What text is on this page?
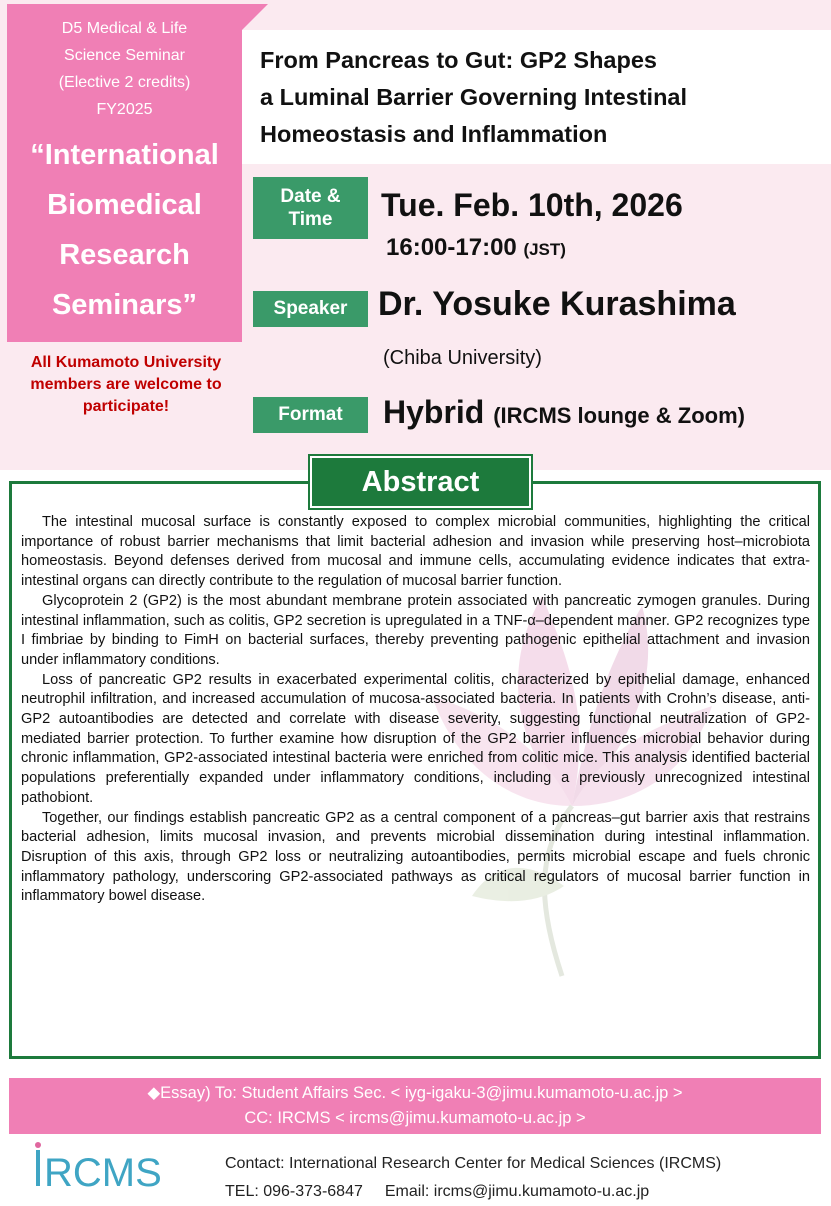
D5 Medical & Life
Science Seminar
(Elective 2 credits)
FY2025
“International
Biomedical
Research
Seminars”
From Pancreas to Gut: GP2 Shapes
a Luminal Barrier Governing Intestinal
Homeostasis and Inflammation
All Kumamoto University
members are welcome to
participate!
Date &
Time	Tue. Feb. 10th, 2026
16:00-17:00 (JST)
Speaker Dr. Yosuke Kurashima
(Chiba University)
Format	Hybrid (IRCMS lounge & Zoom)
Abstract

The intestinal mucosal surface is constantly exposed to complex microbial communities, highlighting the critical importance of robust barrier mechanisms that limit bacterial adhesion and invasion while preserving host–microbiota homeostasis. Beyond defenses derived from mucosal and immune cells, accumulating evidence indicates that extra-intestinal organs can directly contribute to the regulation of mucosal barrier function.

Glycoprotein 2 (GP2) is the most abundant membrane protein associated with pancreatic zymogen granules. During intestinal inflammation, such as colitis, GP2 secretion is upregulated in a TNF-α–dependent manner. GP2 recognizes type I fimbriae by binding to FimH on bacterial surfaces, thereby preventing pathogenic epithelial attachment and invasion under inflammatory conditions.

Loss of pancreatic GP2 results in exacerbated experimental colitis, characterized by epithelial damage, enhanced neutrophil infiltration, and increased accumulation of mucosa-associated bacteria. In patients with Crohn’s disease, anti-GP2 autoantibodies are detected and correlate with disease severity, suggesting functional neutralization of GP2-mediated barrier protection. To further examine how disruption of the GP2 barrier influences microbial behavior during chronic inflammation, GP2-associated intestinal bacteria were enriched from colitic mice. This analysis identified bacterial populations preferentially expanded under inflammatory conditions, including a previously unrecognized intestinal pathobiont.

Together, our findings establish pancreatic GP2 as a central component of a pancreas–gut barrier axis that restrains bacterial adhesion, limits mucosal invasion, and prevents microbial dissemination during intestinal inflammation. Disruption of this axis, through GP2 loss or neutralizing autoantibodies, permits microbial escape and fuels chronic inflammatory pathology, underscoring GP2-associated pathways as critical regulators of mucosal barrier function in inflammatory bowel disease.

◆Essay) To: Student Affairs Sec. < iyg-igaku-3@jimu.kumamoto-u.ac.jp >
CC: IRCMS < ircms@jimu.kumamoto-u.ac.jp >
RCMS	Contact: International Research Center for Medical Sciences (IRCMS)
TEL: 096-373-6847 Email: ircms@jimu.kumamoto-u.ac.jp
